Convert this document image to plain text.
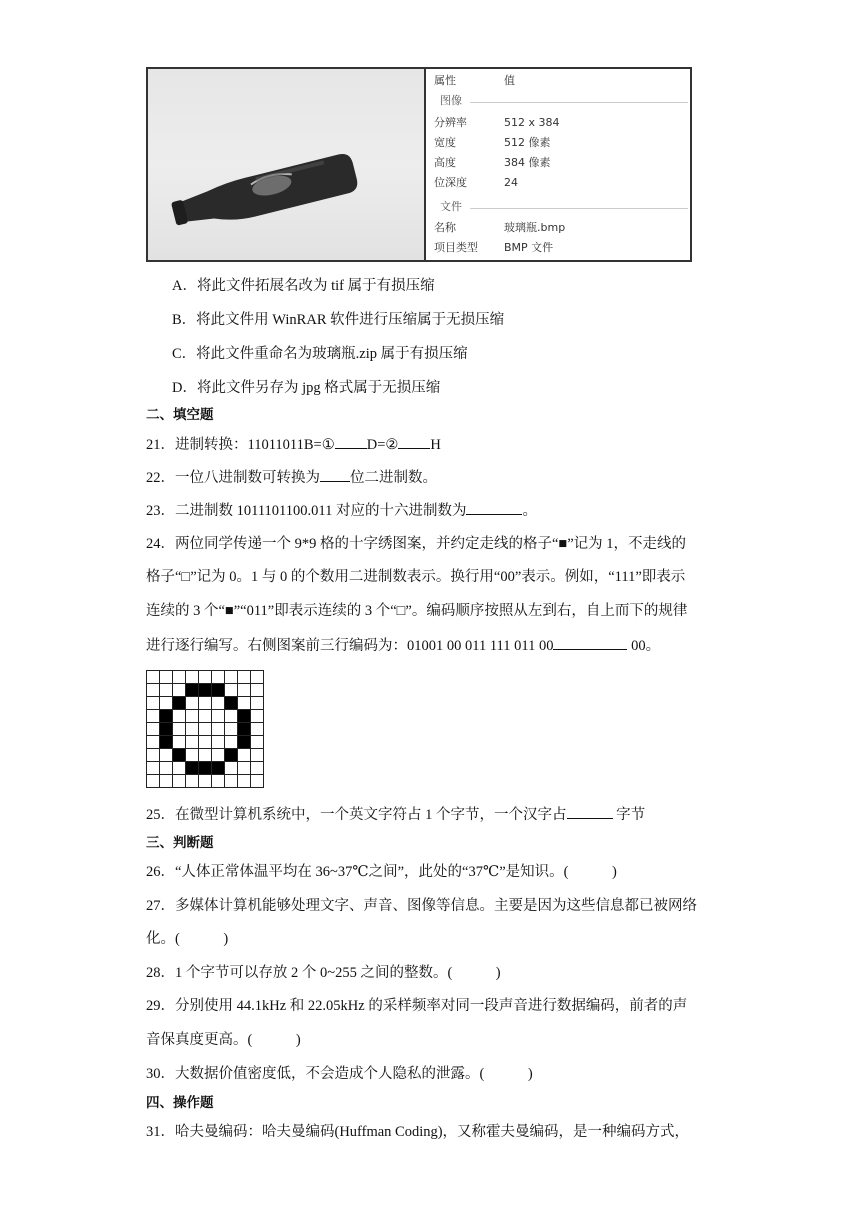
属性	值
图像
分辨率	512 x 384
宽度	512 像素
高度	384 像素
位深度	24
文件
名称	玻璃瓶.bmp
项目类型 BMP 文件
A．将此文件拓展名改为 tif 属于有损压缩
B．将此文件用 WinRAR 软件进行压缩属于无损压缩
C．将此文件重命名为玻璃瓶.zip 属于有损压缩
D．将此文件另存为 jpg 格式属于无损压缩
二、填空题
21．进制转换：11011011B=① D=② H
22．一位八进制数可转换为 位二进制数。
23．二进制数 1011101100.011 对应的十六进制数为	。
24．两位同学传递一个 9*9 格的十字绣图案，并约定走线的格子“■”记为 1，不走线的
格子“□”记为 0。1 与 0 的个数用二进制数表示。换行用“00”表示。例如，“111”即表示
连续的 3 个“■”“011”即表示连续的 3 个“□”。编码顺序按照从左到右，自上而下的规律
进行逐行编写。右侧图案前三行编码为：01001 00 011 111 011 00	00。
25．在微型计算机系统中，一个英文字符占 1 个字节，一个汉字占	字节
三、判断题
26．“人体正常体温平均在 36~37℃之间”，此处的“37℃”是知识。(　　　)
27．多媒体计算机能够处理文字、声音、图像等信息。主要是因为这些信息都已被网络
化。(　　　)
28．1 个字节可以存放 2 个 0~255 之间的整数。(　　　)
29．分别使用 44.1kHz 和 22.05kHz 的采样频率对同一段声音进行数据编码，前者的声
音保真度更高。(　　　)
30．大数据价值密度低，不会造成个人隐私的泄露。(　　　)
四、操作题
31．哈夫曼编码：哈夫曼编码(Huffman Coding)，又称霍夫曼编码，是一种编码方式，
